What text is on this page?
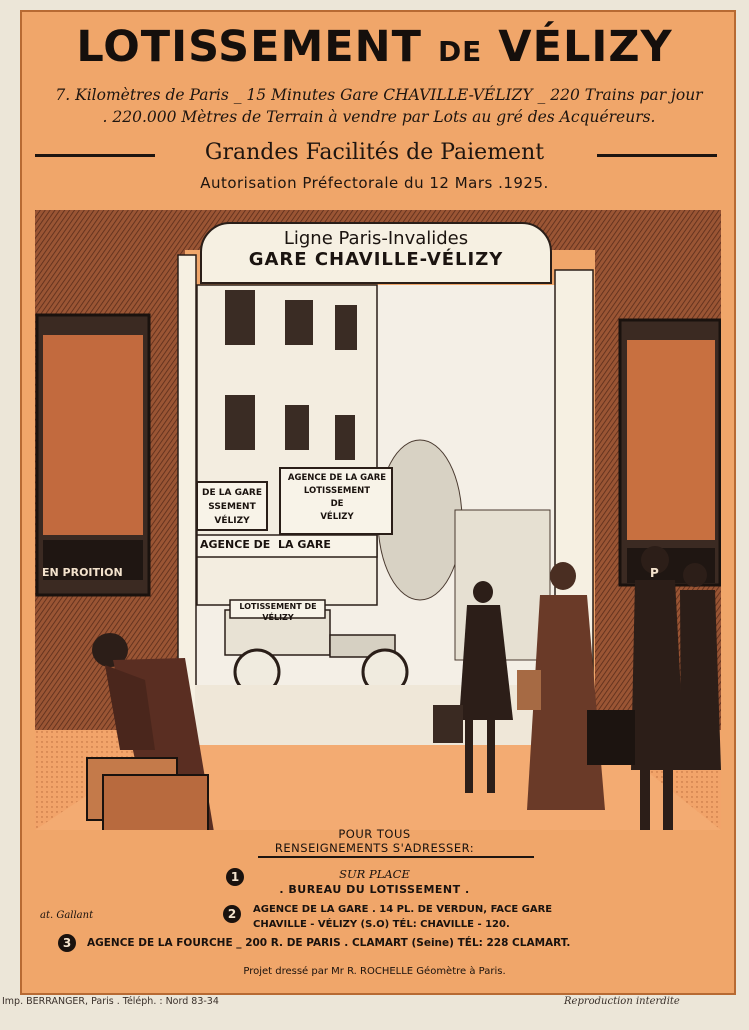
LOTISSEMENT DE VÉLIZY
7. Kilomètres de Paris _ 15 Minutes Gare CHAVILLE-VÉLIZY _ 220 Trains par jour
. 220.000 Mètres de Terrain à vendre par Lots au gré des Acquéreurs.
Grandes Facilités de Paiement
Autorisation Préfectorale du 12 Mars .1925.
Ligne Paris-Invalides
GARE CHAVILLE-VÉLIZY
AGENCE DE LA GARE
LOTISSEMENT
DE
VÉLIZY
DE LA GARE
SSEMENT
VÉLIZY
AGENCE DE LA GARE
LOTISSEMENT DE
VÉLIZY
EN PROITION	P
at. Gallant
POUR TOUS
RENSEIGNEMENTS S'ADRESSER:
1	SUR PLACE
. BUREAU DU LOTISSEMENT .
2	AGENCE DE LA GARE . 14 PL. DE VERDUN, FACE GARE
CHAVILLE - VÉLIZY (S.O) TÉL: CHAVILLE - 120.
3	AGENCE DE LA FOURCHE _ 200 R. DE PARIS . CLAMART (Seine) TÉL: 228 CLAMART.
Projet dressé par Mr R. ROCHELLE Géomètre à Paris.
Imp. BERRANGER, Paris . Téléph. : Nord 83-34	Reproduction interdite
